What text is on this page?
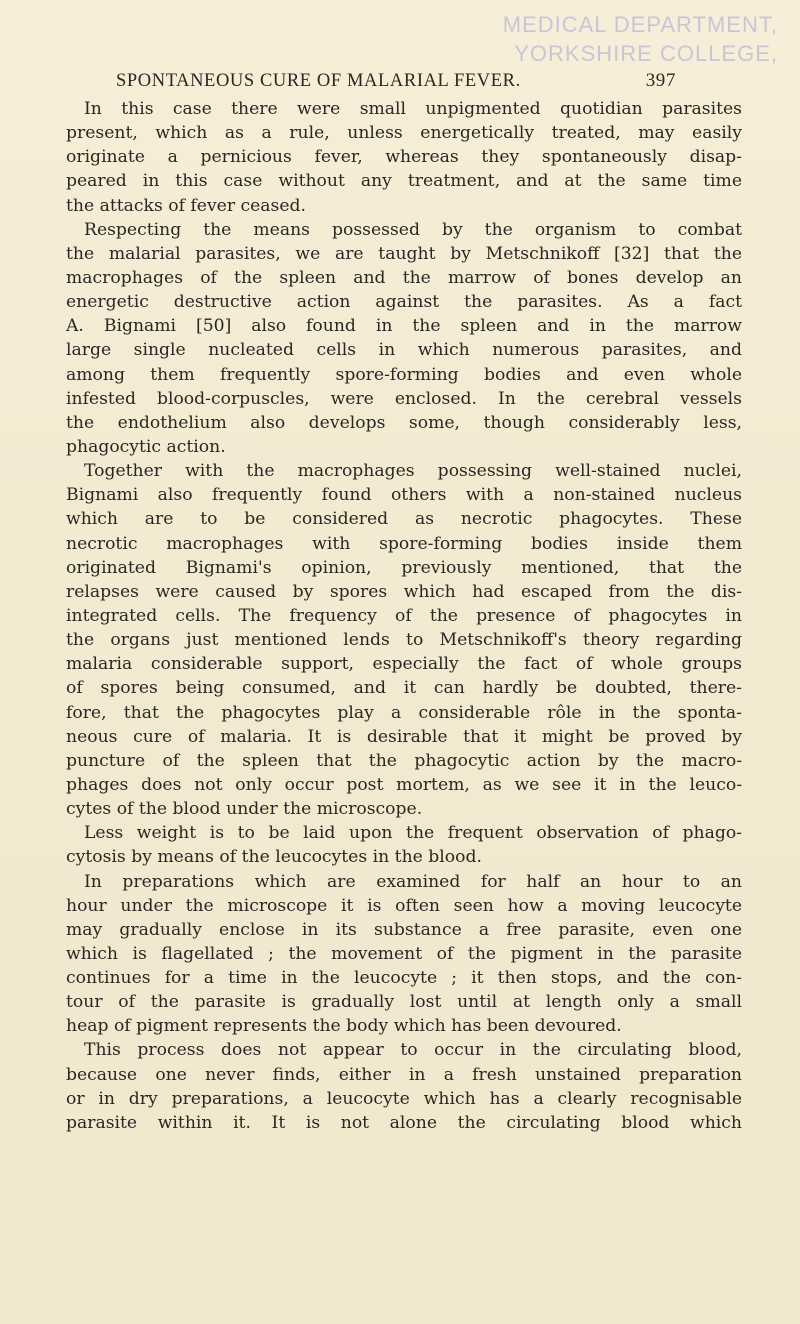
MEDICAL DEPARTMENT,
YORKSHIRE COLLEGE,
SPONTANEOUS CURE OF MALARIAL FEVER.	397
In this case there were small unpigmented quotidian parasites
present, which as a rule, unless energetically treated, may easily
originate a pernicious fever, whereas they spontaneously disap-
peared in this case without any treatment, and at the same time
the attacks of fever ceased.
Respecting the means possessed by the organism to combat
the malarial parasites, we are taught by Metschnikoff [32] that the
macrophages of the spleen and the marrow of bones develop an
energetic destructive action against the parasites. As a fact
A. Bignami [50] also found in the spleen and in the marrow
large single nucleated cells in which numerous parasites, and
among them frequently spore-forming bodies and even whole
infested blood-corpuscles, were enclosed. In the cerebral vessels
the endothelium also develops some, though considerably less,
phagocytic action.
Together with the macrophages possessing well-stained nuclei,
Bignami also frequently found others with a non-stained nucleus
which are to be considered as necrotic phagocytes. These
necrotic macrophages with spore-forming bodies inside them
originated Bignami's opinion, previously mentioned, that the
relapses were caused by spores which had escaped from the dis-
integrated cells. The frequency of the presence of phagocytes in
the organs just mentioned lends to Metschnikoff's theory regarding
malaria considerable support, especially the fact of whole groups
of spores being consumed, and it can hardly be doubted, there-
fore, that the phagocytes play a considerable rôle in the sponta-
neous cure of malaria. It is desirable that it might be proved by
puncture of the spleen that the phagocytic action by the macro-
phages does not only occur post mortem, as we see it in the leuco-
cytes of the blood under the microscope.
Less weight is to be laid upon the frequent observation of phago-
cytosis by means of the leucocytes in the blood.
In preparations which are examined for half an hour to an
hour under the microscope it is often seen how a moving leucocyte
may gradually enclose in its substance a free parasite, even one
which is flagellated ; the movement of the pigment in the parasite
continues for a time in the leucocyte ; it then stops, and the con-
tour of the parasite is gradually lost until at length only a small
heap of pigment represents the body which has been devoured.
This process does not appear to occur in the circulating blood,
because one never finds, either in a fresh unstained preparation
or in dry preparations, a leucocyte which has a clearly recognisable
parasite within it. It is not alone the circulating blood which
